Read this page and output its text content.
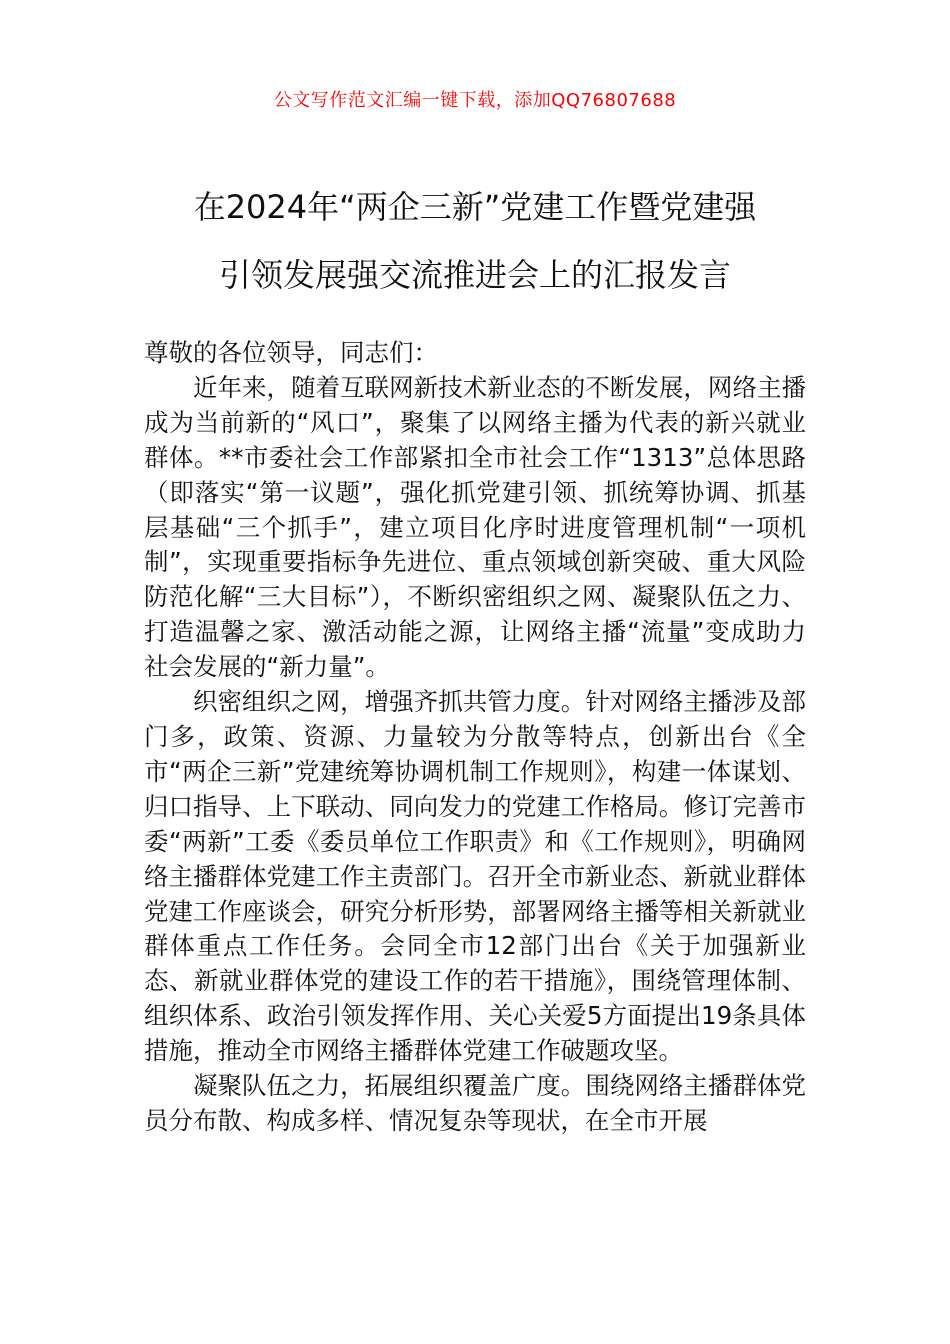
公文写作范文汇编一键下载，添加QQ76807688
在2024年“两企三新”党建工作暨党建强
引领发展强交流推进会上的汇报发言

尊敬的各位领导，同志们：

近年来，随着互联网新技术新业态的不断发展，网络主播成为当前新的“风口”，聚集了以网络主播为代表的新兴就业群体。**市委社会工作部紧扣全市社会工作“1313”总体思路（即落实“第一议题”，强化抓党建引领、抓统筹协调、抓基层基础“三个抓手”，建立项目化序时进度管理机制“一项机制”，实现重要指标争先进位、重点领域创新突破、重大风险防范化解“三大目标”），不断织密组织之网、凝聚队伍之力、打造温馨之家、激活动能之源，让网络主播“流量”变成助力社会发展的“新力量”。

织密组织之网，增强齐抓共管力度。针对网络主播涉及部门多，政策、资源、力量较为分散等特点，创新出台《全市“两企三新”党建统筹协调机制工作规则》，构建一体谋划、归口指导、上下联动、同向发力的党建工作格局。修订完善市委“两新”工委《委员单位工作职责》和《工作规则》，明确网络主播群体党建工作主责部门。召开全市新业态、新就业群体党建工作座谈会，研究分析形势，部署网络主播等相关新就业群体重点工作任务。会同全市12部门出台《关于加强新业态、新就业群体党的建设工作的若干措施》，围绕管理体制、组织体系、政治引领发挥作用、关心关爱5方面提出19条具体措施，推动全市网络主播群体党建工作破题攻坚。

凝聚队伍之力，拓展组织覆盖广度。围绕网络主播群体党员分布散、构成多样、情况复杂等现状，在全市开展
